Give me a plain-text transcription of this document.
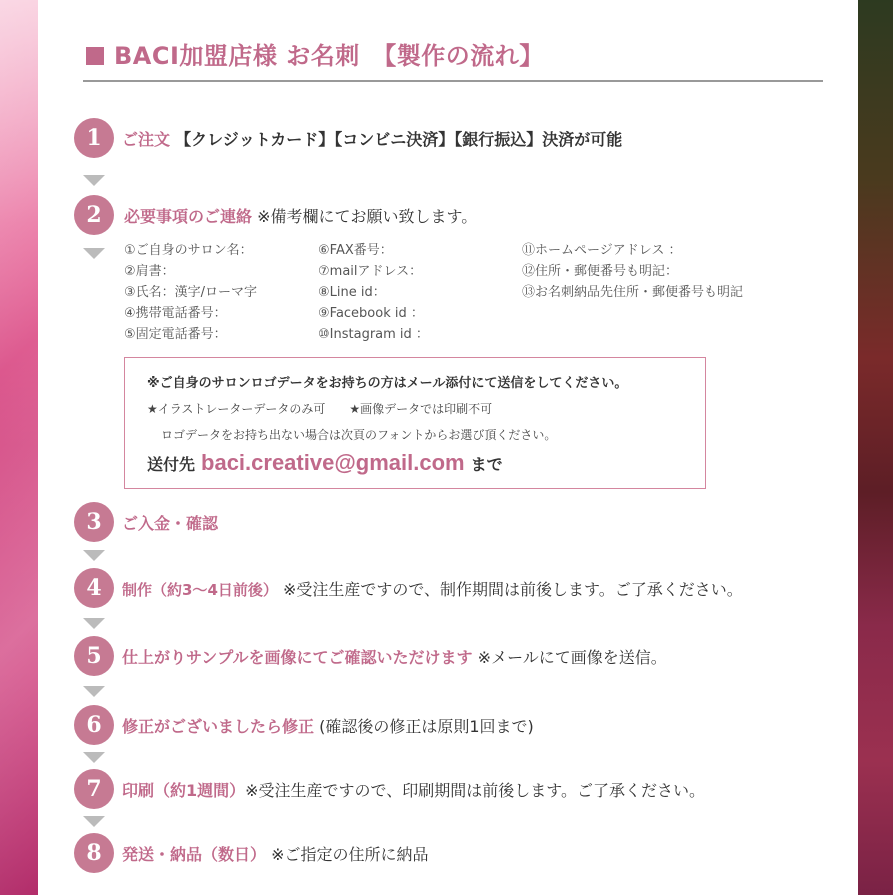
BACI加盟店様 お名刺　【製作の流れ】
1	ご注文 【クレジットカード】【コンビニ決済】【銀行振込】決済が可能
2	必要事項のご連絡 ※備考欄にてお願い致します。
①ご自身のサロン名：
②肩書：
③氏名：漢字/ローマ字
④携帯電話番号：
⑤固定電話番号：
⑥FAX番号：
⑦mailアドレス：
⑧Line id：
⑨Facebook id ：
⑩Instagram id ：
⑪ホームページアドレス ：
⑫住所・郵便番号も明記：
⑬お名刺納品先住所・郵便番号も明記
※ご自身のサロンロゴデータをお持ちの方はメール添付にて送信をしてください。
★イラストレーターデータのみ可　　★画像データでは印刷不可
ロゴデータをお持ち出ない場合は次頁のフォントからお選び頂ください。
送付先 baci.creative@gmail.com まで
3	ご入金・確認
4	制作（約3〜4日前後） ※受注生産ですので、制作期間は前後します。ご了承ください。
5	仕上がりサンプルを画像にてご確認いただけます ※メールにて画像を送信。
6	修正がございましたら修正 (確認後の修正は原則1回まで)
7	印刷（約1週間）※受注生産ですので、印刷期間は前後します。ご了承ください。
8	発送・納品（数日） ※ご指定の住所に納品
